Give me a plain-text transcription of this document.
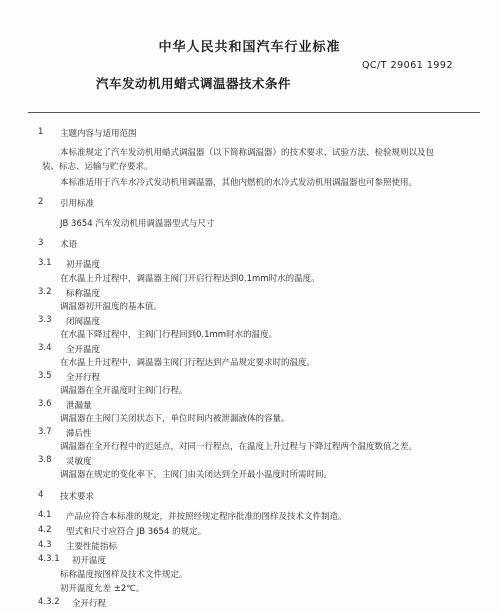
中华人民共和国汽车行业标准
QC/T 29061 1992
汽车发动机用蜡式调温器技术条件
1 主题内容与适用范围
本标准规定了汽车发动机用蜡式调温器（以下简称调温器）的技术要求、试验方法、检验规则以及包
装、标志、运输与贮存要求。
本标准适用于汽车水冷式发动机用调温器，其他内燃机的水冷式发动机用调温器也可参照使用。
2 引用标准
JB 3654 汽车发动机用调温器型式与尺寸
3 术语
3.1 初开温度
在水温上升过程中，调温器主阀门开启行程达到0.1mm时水的温度。
3.2 标称温度
调温器初开温度的基本值。
3.3 闭阀温度
在水温下降过程中，主阀门行程回到0.1mm时水的温度。
3.4 全开温度
在水温上升过程中，调温器主阀门行程达到产品规定要求时的温度。
3.5 全开行程
调温器在全开温度时主阀门行程。
3.6 泄漏量
调温器在主阀门关闭状态下，单位时间内被泄漏液体的容量。
3.7 滞后性
调温器在全开行程中的迟延点，对同一行程点，在温度上升过程与下降过程两个温度数值之差。
3.8 灵敏度
调温器在规定的变化率下，主阀门由关闭达到全开最小温度时所需时间。
4 技术要求
4.1 产品应符合本标准的规定，并按照经规定程序批准的图样及技术文件制造。
4.2 型式和尺寸应符合 JB 3654 的规定。
4.3 主要性能指标
4.3.1 初开温度
标称温度按图样及技术文件规定。
初开温度允差 ±2℃。
4.3.2 全开行程
